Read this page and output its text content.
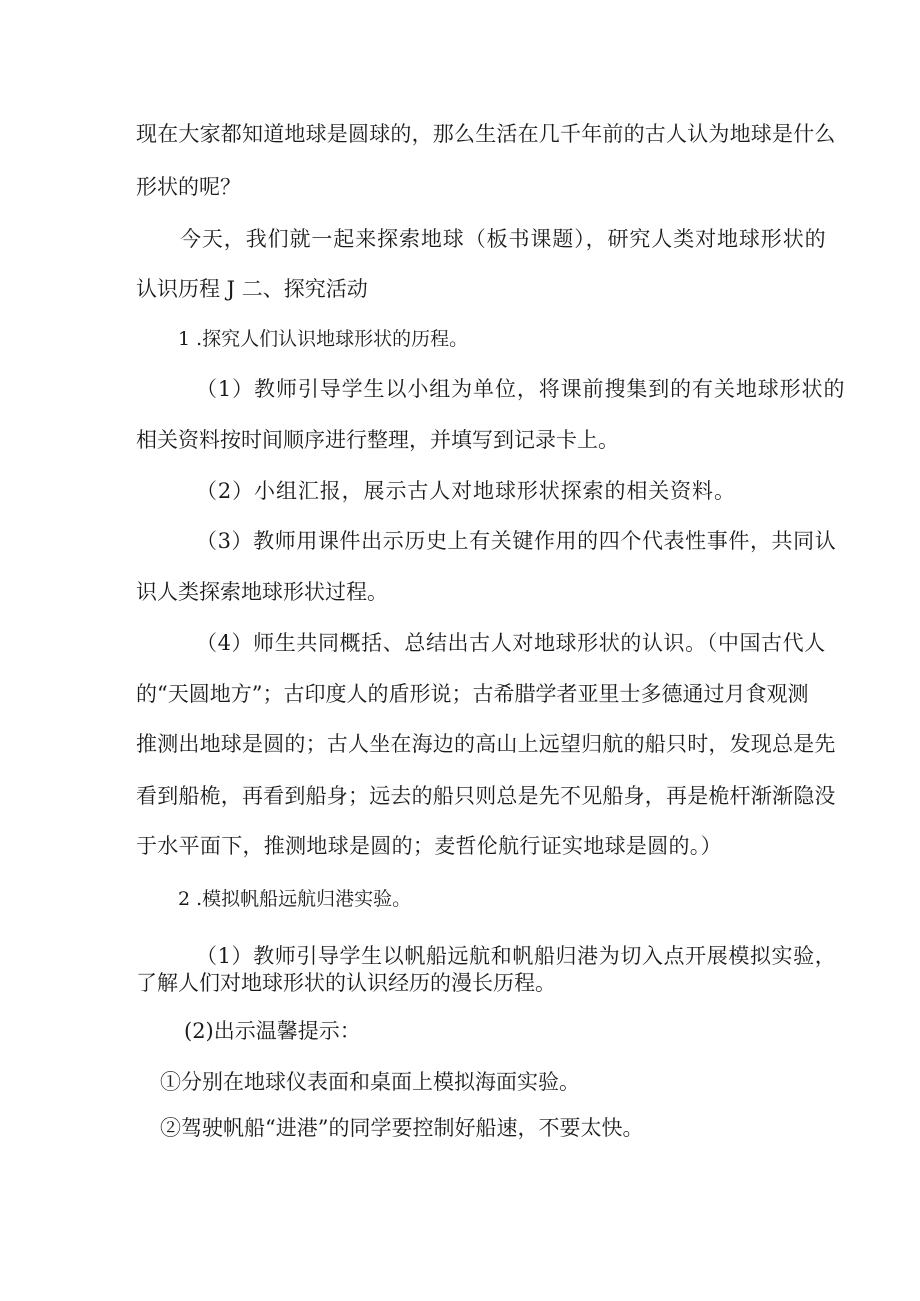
现在大家都知道地球是圆球的，那么生活在几千年前的古人认为地球是什么
形状的呢？
今天，我们就一起来探索地球（板书课题），研究人类对地球形状的
认识历程 J 二、探究活动
1 .探究人们认识地球形状的历程。
（1）教师引导学生以小组为单位，将课前搜集到的有关地球形状的
相关资料按时间顺序进行整理，并填写到记录卡上。
（2）小组汇报，展示古人对地球形状探索的相关资料。
（3）教师用课件出示历史上有关键作用的四个代表性事件，共同认
识人类探索地球形状过程。
（4）师生共同概括、总结出古人对地球形状的认识。（中国古代人
的“天圆地方”；古印度人的盾形说；古希腊学者亚里士多德通过月食观测
推测出地球是圆的；古人坐在海边的高山上远望归航的船只时，发现总是先
看到船桅，再看到船身；远去的船只则总是先不见船身，再是桅杆渐渐隐没
于水平面下，推测地球是圆的；麦哲伦航行证实地球是圆的。）
2 .模拟帆船远航归港实验。
（1）教师引导学生以帆船远航和帆船归港为切入点开展模拟实验，
了解人们对地球形状的认识经历的漫长历程。
(2)出示温馨提示：
①分别在地球仪表面和桌面上模拟海面实验。
②驾驶帆船“进港”的同学要控制好船速，不要太快。
